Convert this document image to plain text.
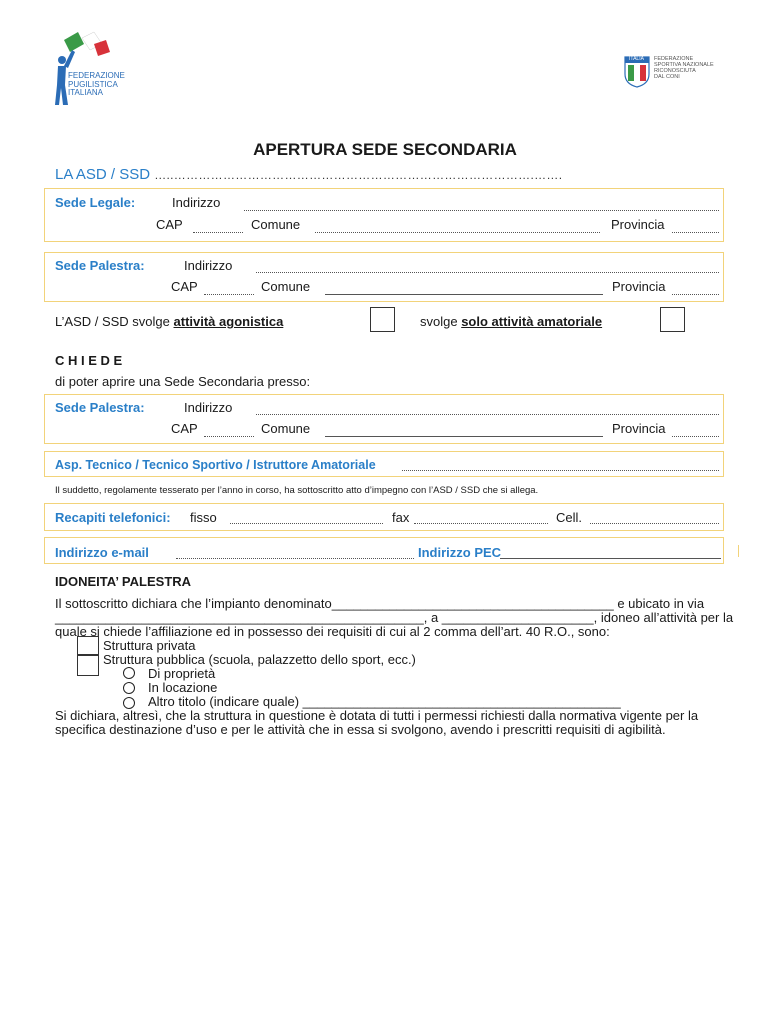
FEDERAZIONE
PUGILISTICA
ITALIANA
ITALIA FEDERAZIONE
SPORTIVA NAZIONALE
RICONOSCIUTA
DAL CONI
APERTURA SEDE SECONDARIA
LA ASD / SSD …..…………………………………………………………………………….…….
Sede Legale:	Indirizzo
CAP	Comune	Provincia
Sede Palestra:	Indirizzo
CAP	Comune	Provincia
L’ASD / SSD svolge attività agonistica	svolge solo attività amatoriale
C H I E D E
di poter aprire una Sede Secondaria presso:
Sede Palestra:	Indirizzo
CAP	Comune	Provincia
Asp. Tecnico / Tecnico Sportivo / Istruttore Amatoriale
Il suddetto, regolamente tesserato per l’anno in corso, ha sottoscritto atto d’impegno con l’ASD / SSD che si allega.
Recapiti telefonici: fisso	fax	Cell.
Indirizzo e-mail	Indirizzo PEC
IDONEITA’ PALESTRA
Il sottoscritto dichiara che l’impianto denominato_______________________________________ e ubicato in via
___________________________________________________, a _____________________, idoneo all’attività per la
quale si chiede l’affiliazione ed in possesso dei requisiti di cui al 2 comma dell’art. 40 R.O., sono:
Struttura privata
Struttura pubblica (scuola, palazzetto dello sport, ecc.)
Di proprietà
In locazione
Altro titolo (indicare quale) ____________________________________________
Si dichiara, altresì, che la struttura in questione è dotata di tutti i permessi richiesti dalla normativa vigente per la
specifica destinazione d’uso e per le attività che in essa si svolgono, avendo i prescritti requisiti di agibilità.
